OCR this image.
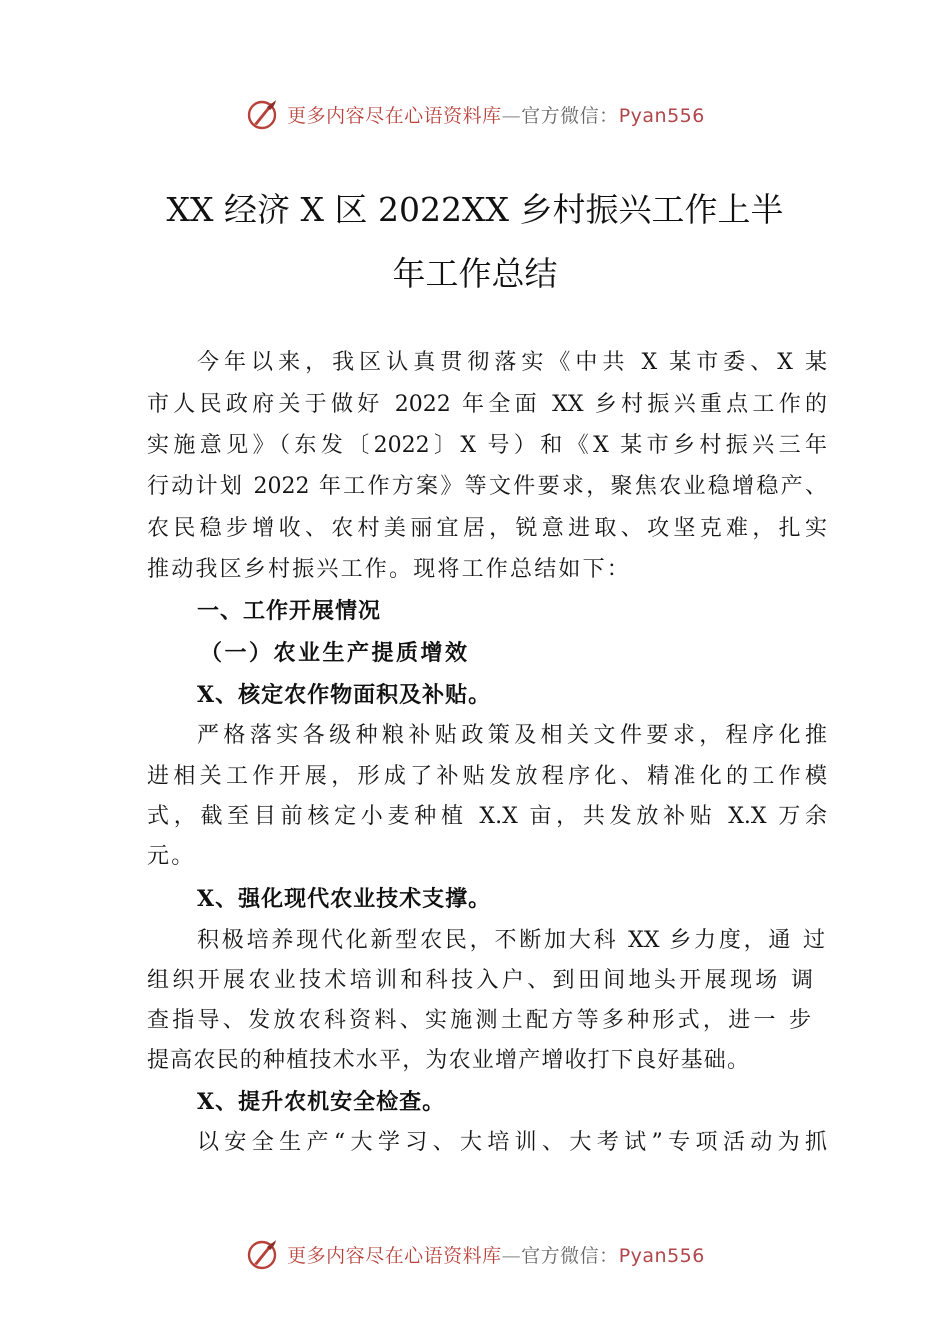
更多内容尽在心语资料库—官方微信：Pyan556
XX 经济 X 区 2022XX 乡村振兴工作上半
年工作总结

今年以来，我区认真贯彻落实《中共 X 某市委、X 某

市人民政府关于做好 2022 年全面 XX 乡村振兴重点工作的

实施意见》（东发〔2022〕X 号）和《X 某市乡村振兴三年

行动计划 2022 年工作方案》等文件要求，聚焦农业稳增稳产、

农民稳步增收、农村美丽宜居，锐意进取、攻坚克难，扎实

推动我区乡村振兴工作。现将工作总结如下：

一、工作开展情况
（一）农业生产提质增效
X、核定农作物面积及补贴。

严格落实各级种粮补贴政策及相关文件要求，程序化推

进相关工作开展，形成了补贴发放程序化、精准化的工作模

式，截至目前核定小麦种植 X.X 亩，共发放补贴 X.X 万余

元。

X、强化现代农业技术支撑。

积极培养现代化新型农民，不断加大科 XX 乡力度，通 过

组织开展农业技术培训和科技入户、到田间地头开展现场 调

查指导、发放农科资料、实施测土配方等多种形式，进一 步

提高农民的种植技术水平，为农业增产增收打下良好基础。

X、提升农机安全检查。

以安全生产“大学习、大培训、大考试”专项活动为抓

更多内容尽在心语资料库—官方微信：Pyan556
